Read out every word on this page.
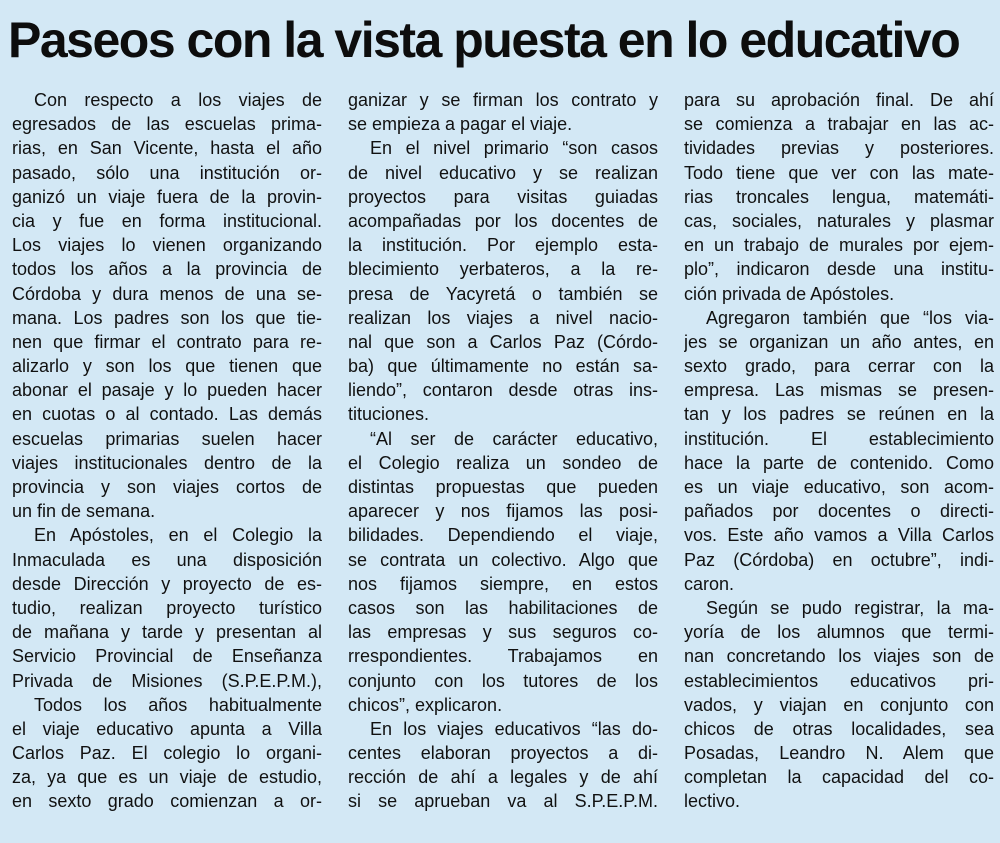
Paseos con la vista puesta en lo educativo
Con respecto a los viajes de
egresados de las escuelas prima-
rias, en San Vicente, hasta el año
pasado, sólo una institución or-
ganizó un viaje fuera de la provin-
cia y fue en forma institucional.
Los viajes lo vienen organizando
todos los años a la provincia de
Córdoba y dura menos de una se-
mana. Los padres son los que tie-
nen que firmar el contrato para re-
alizarlo y son los que tienen que
abonar el pasaje y lo pueden hacer
en cuotas o al contado. Las demás
escuelas primarias suelen hacer
viajes institucionales dentro de la
provincia y son viajes cortos de
un fin de semana.
En Apóstoles, en el Colegio la
Inmaculada es una disposición
desde Dirección y proyecto de es-
tudio, realizan proyecto turístico
de mañana y tarde y presentan al
Servicio Provincial de Enseñanza
Privada de Misiones (S.P.E.P.M.),
Todos los años habitualmente
el viaje educativo apunta a Villa
Carlos Paz. El colegio lo organi-
za, ya que es un viaje de estudio,
en sexto grado comienzan a or-
ganizar y se firman los contrato y
se empieza a pagar el viaje.
En el nivel primario “son casos
de nivel educativo y se realizan
proyectos para visitas guiadas
acompañadas por los docentes de
la institución. Por ejemplo esta-
blecimiento yerbateros, a la re-
presa de Yacyretá o también se
realizan los viajes a nivel nacio-
nal que son a Carlos Paz (Córdo-
ba) que últimamente no están sa-
liendo”, contaron desde otras ins-
tituciones.
“Al ser de carácter educativo,
el Colegio realiza un sondeo de
distintas propuestas que pueden
aparecer y nos fijamos las posi-
bilidades. Dependiendo el viaje,
se contrata un colectivo. Algo que
nos fijamos siempre, en estos
casos son las habilitaciones de
las empresas y sus seguros co-
rrespondientes. Trabajamos en
conjunto con los tutores de los
chicos”, explicaron.
En los viajes educativos “las do-
centes elaboran proyectos a di-
rección de ahí a legales y de ahí
si se aprueban va al S.P.E.P.M.
para su aprobación final. De ahí
se comienza a trabajar en las ac-
tividades previas y posteriores.
Todo tiene que ver con las mate-
rias troncales lengua, matemáti-
cas, sociales, naturales y plasmar
en un trabajo de murales por ejem-
plo”, indicaron desde una institu-
ción privada de Apóstoles.
Agregaron también que “los via-
jes se organizan un año antes, en
sexto grado, para cerrar con la
empresa. Las mismas se presen-
tan y los padres se reúnen en la
institución. El establecimiento
hace la parte de contenido. Como
es un viaje educativo, son acom-
pañados por docentes o directi-
vos. Este año vamos a Villa Carlos
Paz (Córdoba) en octubre”, indi-
caron.
Según se pudo registrar, la ma-
yoría de los alumnos que termi-
nan concretando los viajes son de
establecimientos educativos pri-
vados, y viajan en conjunto con
chicos de otras localidades, sea
Posadas, Leandro N. Alem que
completan la capacidad del co-
lectivo.
